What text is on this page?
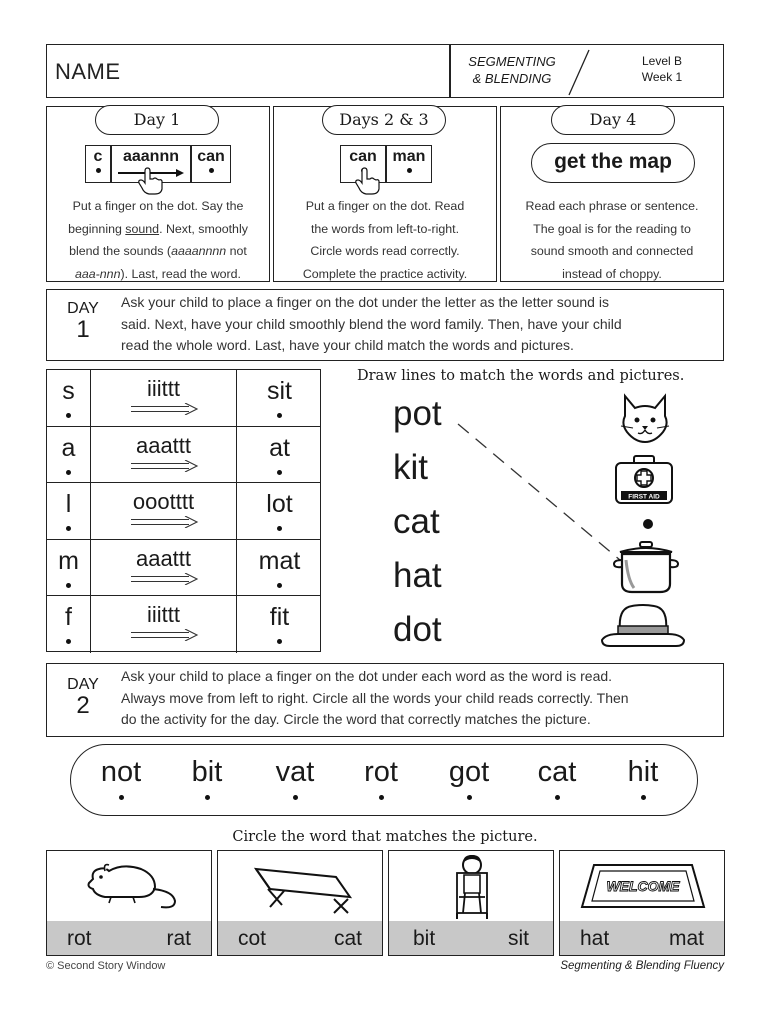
NAME	SEGMENTING
& BLENDING
Level B
Week 1
Day 1
c	aaannn	can
Put a finger on the dot. Say the
beginning sound. Next, smoothly
blend the sounds (aaaannnn not
aaa-nnn). Last, read the word.
Days 2 & 3
can man
Put a finger on the dot. Read
the words from left-to-right.
Circle words read correctly.
Complete the practice activity.
Day 4
get the map
Read each phrase or sentence.
The goal is for the reading to
sound smooth and connected
instead of choppy.
DAY
1
Ask your child to place a finger on the dot under the letter as the letter sound is
said. Next, have your child smoothly blend the word family. Then, have your child
read the whole word. Last, have your child match the words and pictures.
s	iiittt	sit
a	aaattt	at
l	oootttt	lot
m	aaattt	mat
f	iiittt	fit
Draw lines to match the words and pictures.
pot
kit
cat
hat
dot
FIRST AID
DAY
2
Ask your child to place a finger on the dot under each word as the word is read.
Always move from left to right. Circle all the words your child reads correctly. Then
do the activity for the day. Circle the word that correctly matches the picture.
not	bit	vat	rot	got	cat	hit
Circle the word that matches the picture.
rot	rat cot	cat bit	sit
WELCOME
hat	mat
© Second Story Window	Segmenting & Blending Fluency
